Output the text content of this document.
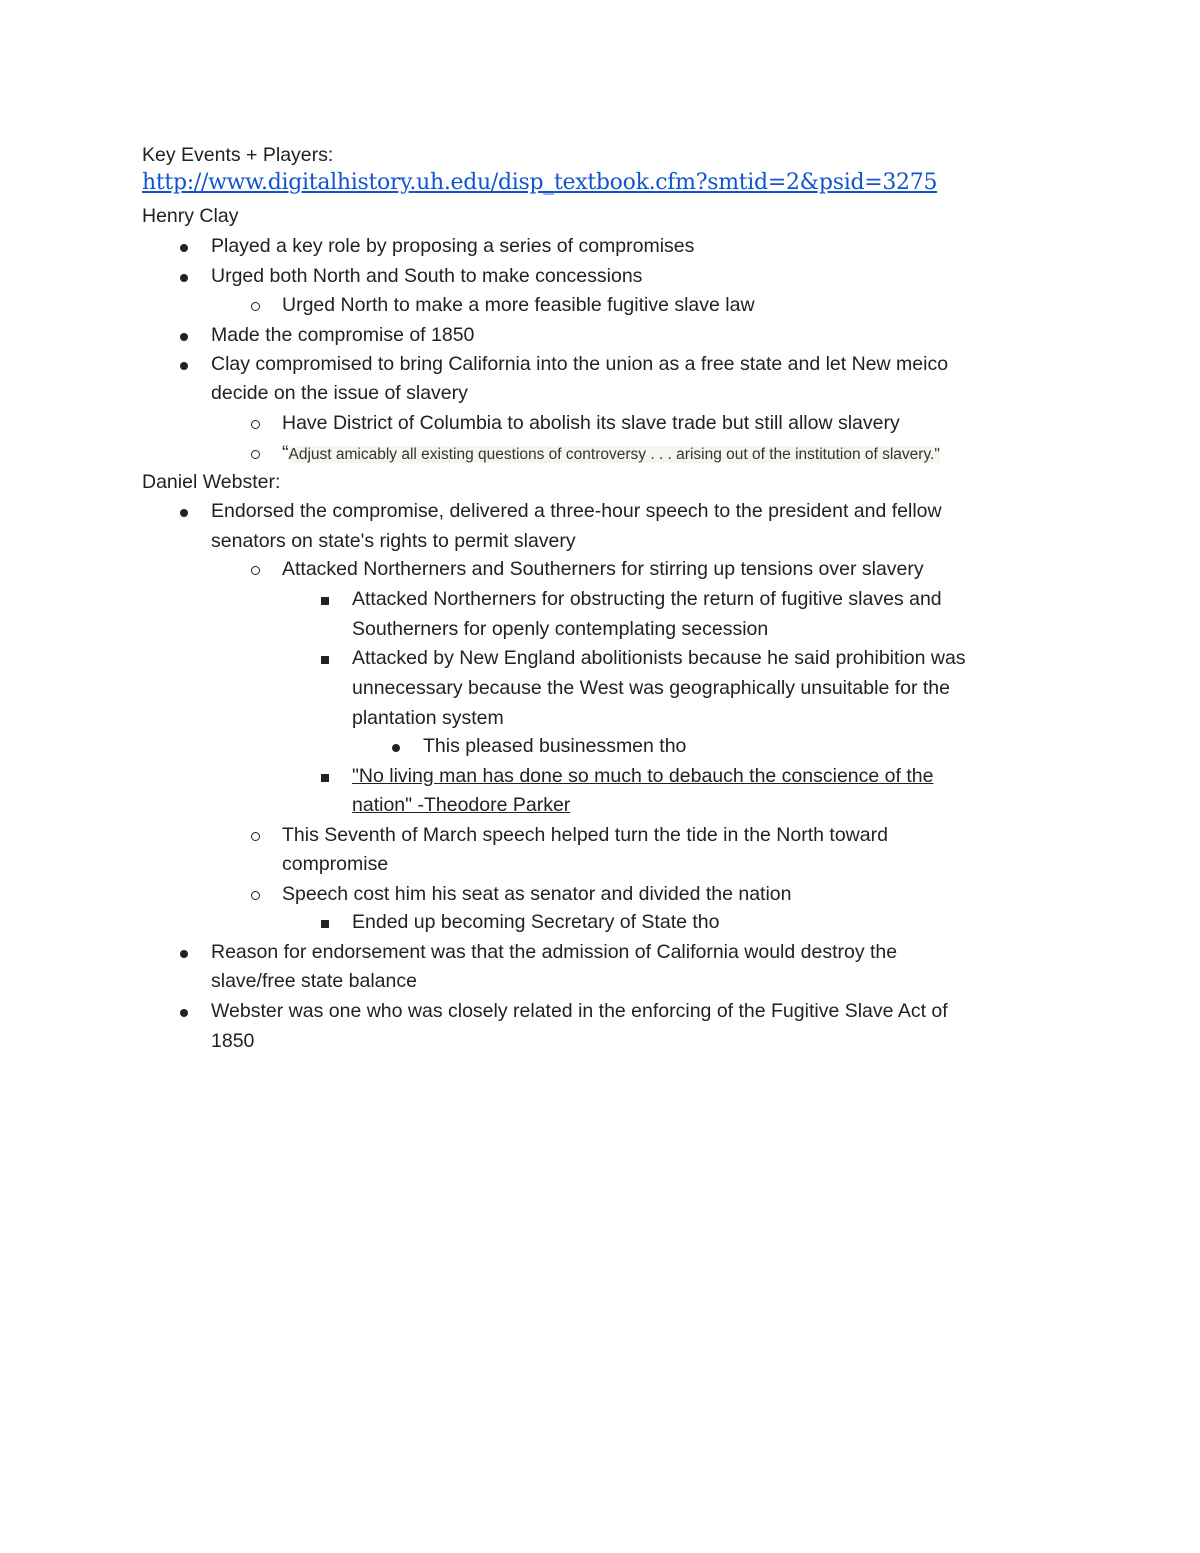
Key Events + Players:
http://www.digitalhistory.uh.edu/disp_textbook.cfm?smtid=2&psid=3275
Henry Clay
Played a key role by proposing a series of compromises
Urged both North and South to make concessions
Urged North to make a more feasible fugitive slave law
Made the compromise of 1850
Clay compromised to bring California into the union as a free state and let New meico
decide on the issue of slavery
Have District of Columbia to abolish its slave trade but still allow slavery
“Adjust amicably all existing questions of controversy . . . arising out of the institution of slavery."
Daniel Webster:
Endorsed the compromise, delivered a three-hour speech to the president and fellow
senators on state's rights to permit slavery
Attacked Northerners and Southerners for stirring up tensions over slavery
Attacked Northerners for obstructing the return of fugitive slaves and
Southerners for openly contemplating secession
Attacked by New England abolitionists because he said prohibition was
unnecessary because the West was geographically unsuitable for the
plantation system
This pleased businessmen tho
"No living man has done so much to debauch the conscience of the
nation" -Theodore Parker
This Seventh of March speech helped turn the tide in the North toward
compromise
Speech cost him his seat as senator and divided the nation
Ended up becoming Secretary of State tho
Reason for endorsement was that the admission of California would destroy the
slave/free state balance
Webster was one who was closely related in the enforcing of the Fugitive Slave Act of
1850
